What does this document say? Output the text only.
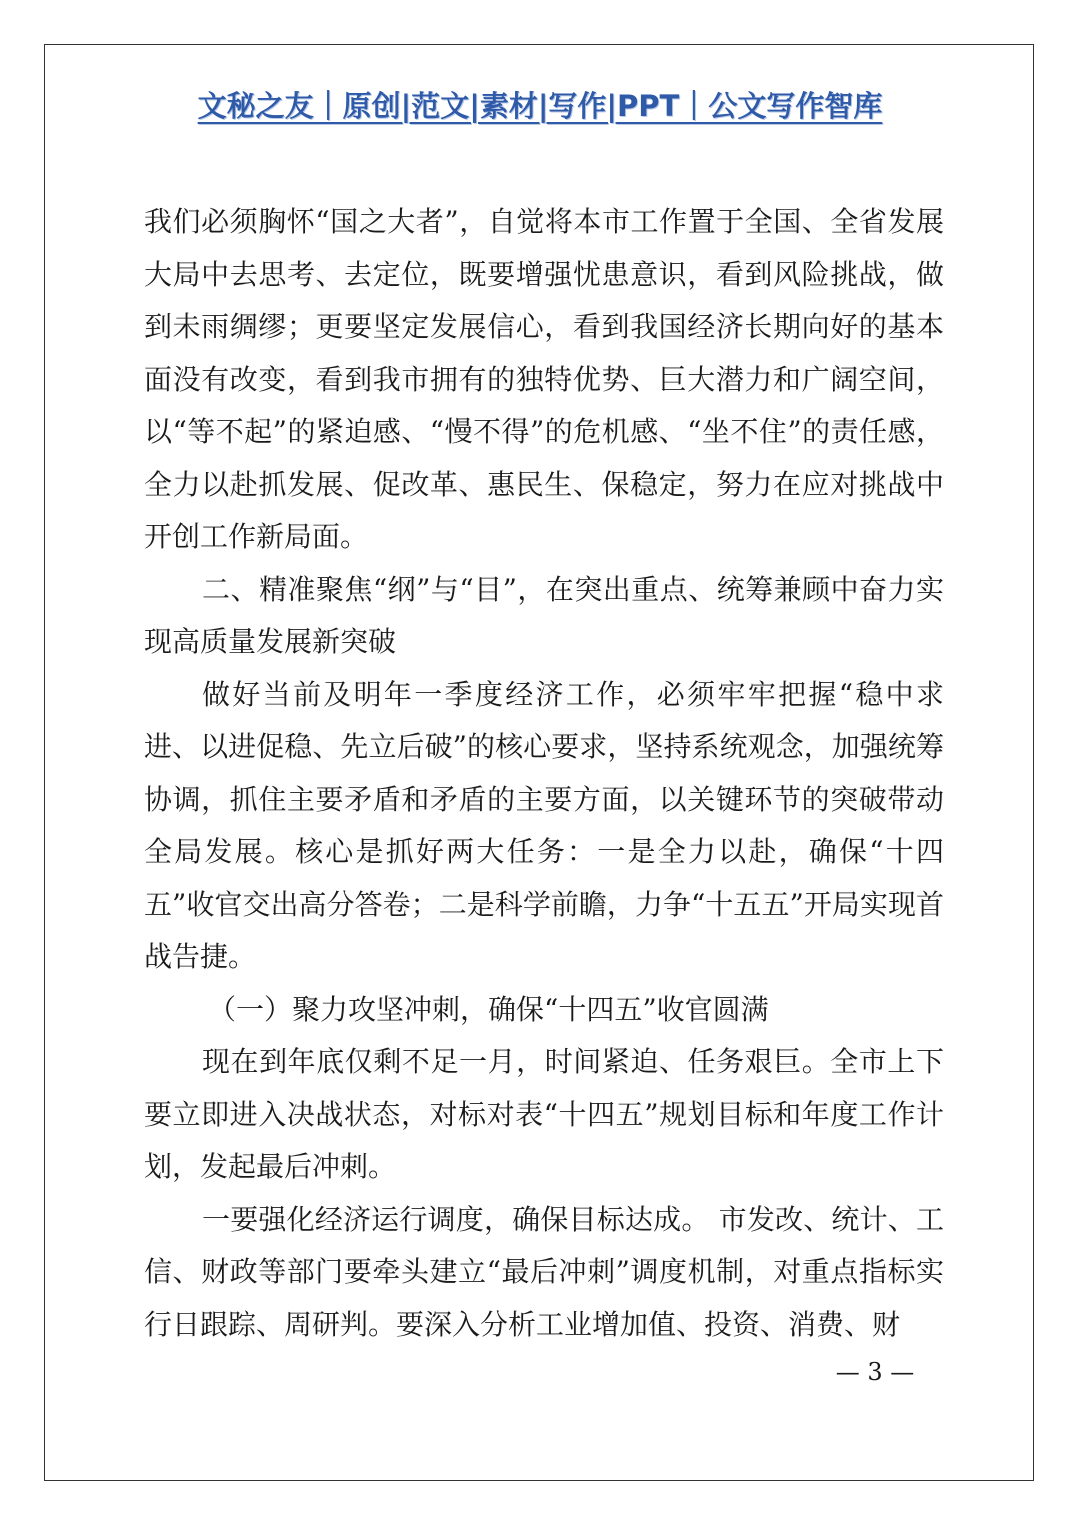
文秘之友｜原创|范文|素材|写作|PPT｜公文写作智库

我们必须胸怀“国之大者”，自觉将本市工作置于全国、全省发展大局中去思考、去定位，既要增强忧患意识，看到风险挑战，做到未雨绸缪；更要坚定发展信心，看到我国经济长期向好的基本面没有改变，看到我市拥有的独特优势、巨大潜力和广阔空间，以“等不起”的紧迫感、“慢不得”的危机感、“坐不住”的责任感，全力以赴抓发展、促改革、惠民生、保稳定，努力在应对挑战中开创工作新局面。

二、精准聚焦“纲”与“目”，在突出重点、统筹兼顾中奋力实现高质量发展新突破

做好当前及明年一季度经济工作，必须牢牢把握“稳中求进、以进促稳、先立后破”的核心要求，坚持系统观念，加强统筹协调，抓住主要矛盾和矛盾的主要方面，以关键环节的突破带动全局发展。核心是抓好两大任务：一是全力以赴，确保“十四五”收官交出高分答卷；二是科学前瞻，力争“十五五”开局实现首战告捷。

（一）聚力攻坚冲刺，确保“十四五”收官圆满

现在到年底仅剩不足一月，时间紧迫、任务艰巨。全市上下要立即进入决战状态，对标对表“十四五”规划目标和年度工作计划，发起最后冲刺。

一要强化经济运行调度，确保目标达成。 市发改、统计、工信、财政等部门要牵头建立“最后冲刺”调度机制，对重点指标实行日跟踪、周研判。要深入分析工业增加值、投资、消费、财

— 3 —
